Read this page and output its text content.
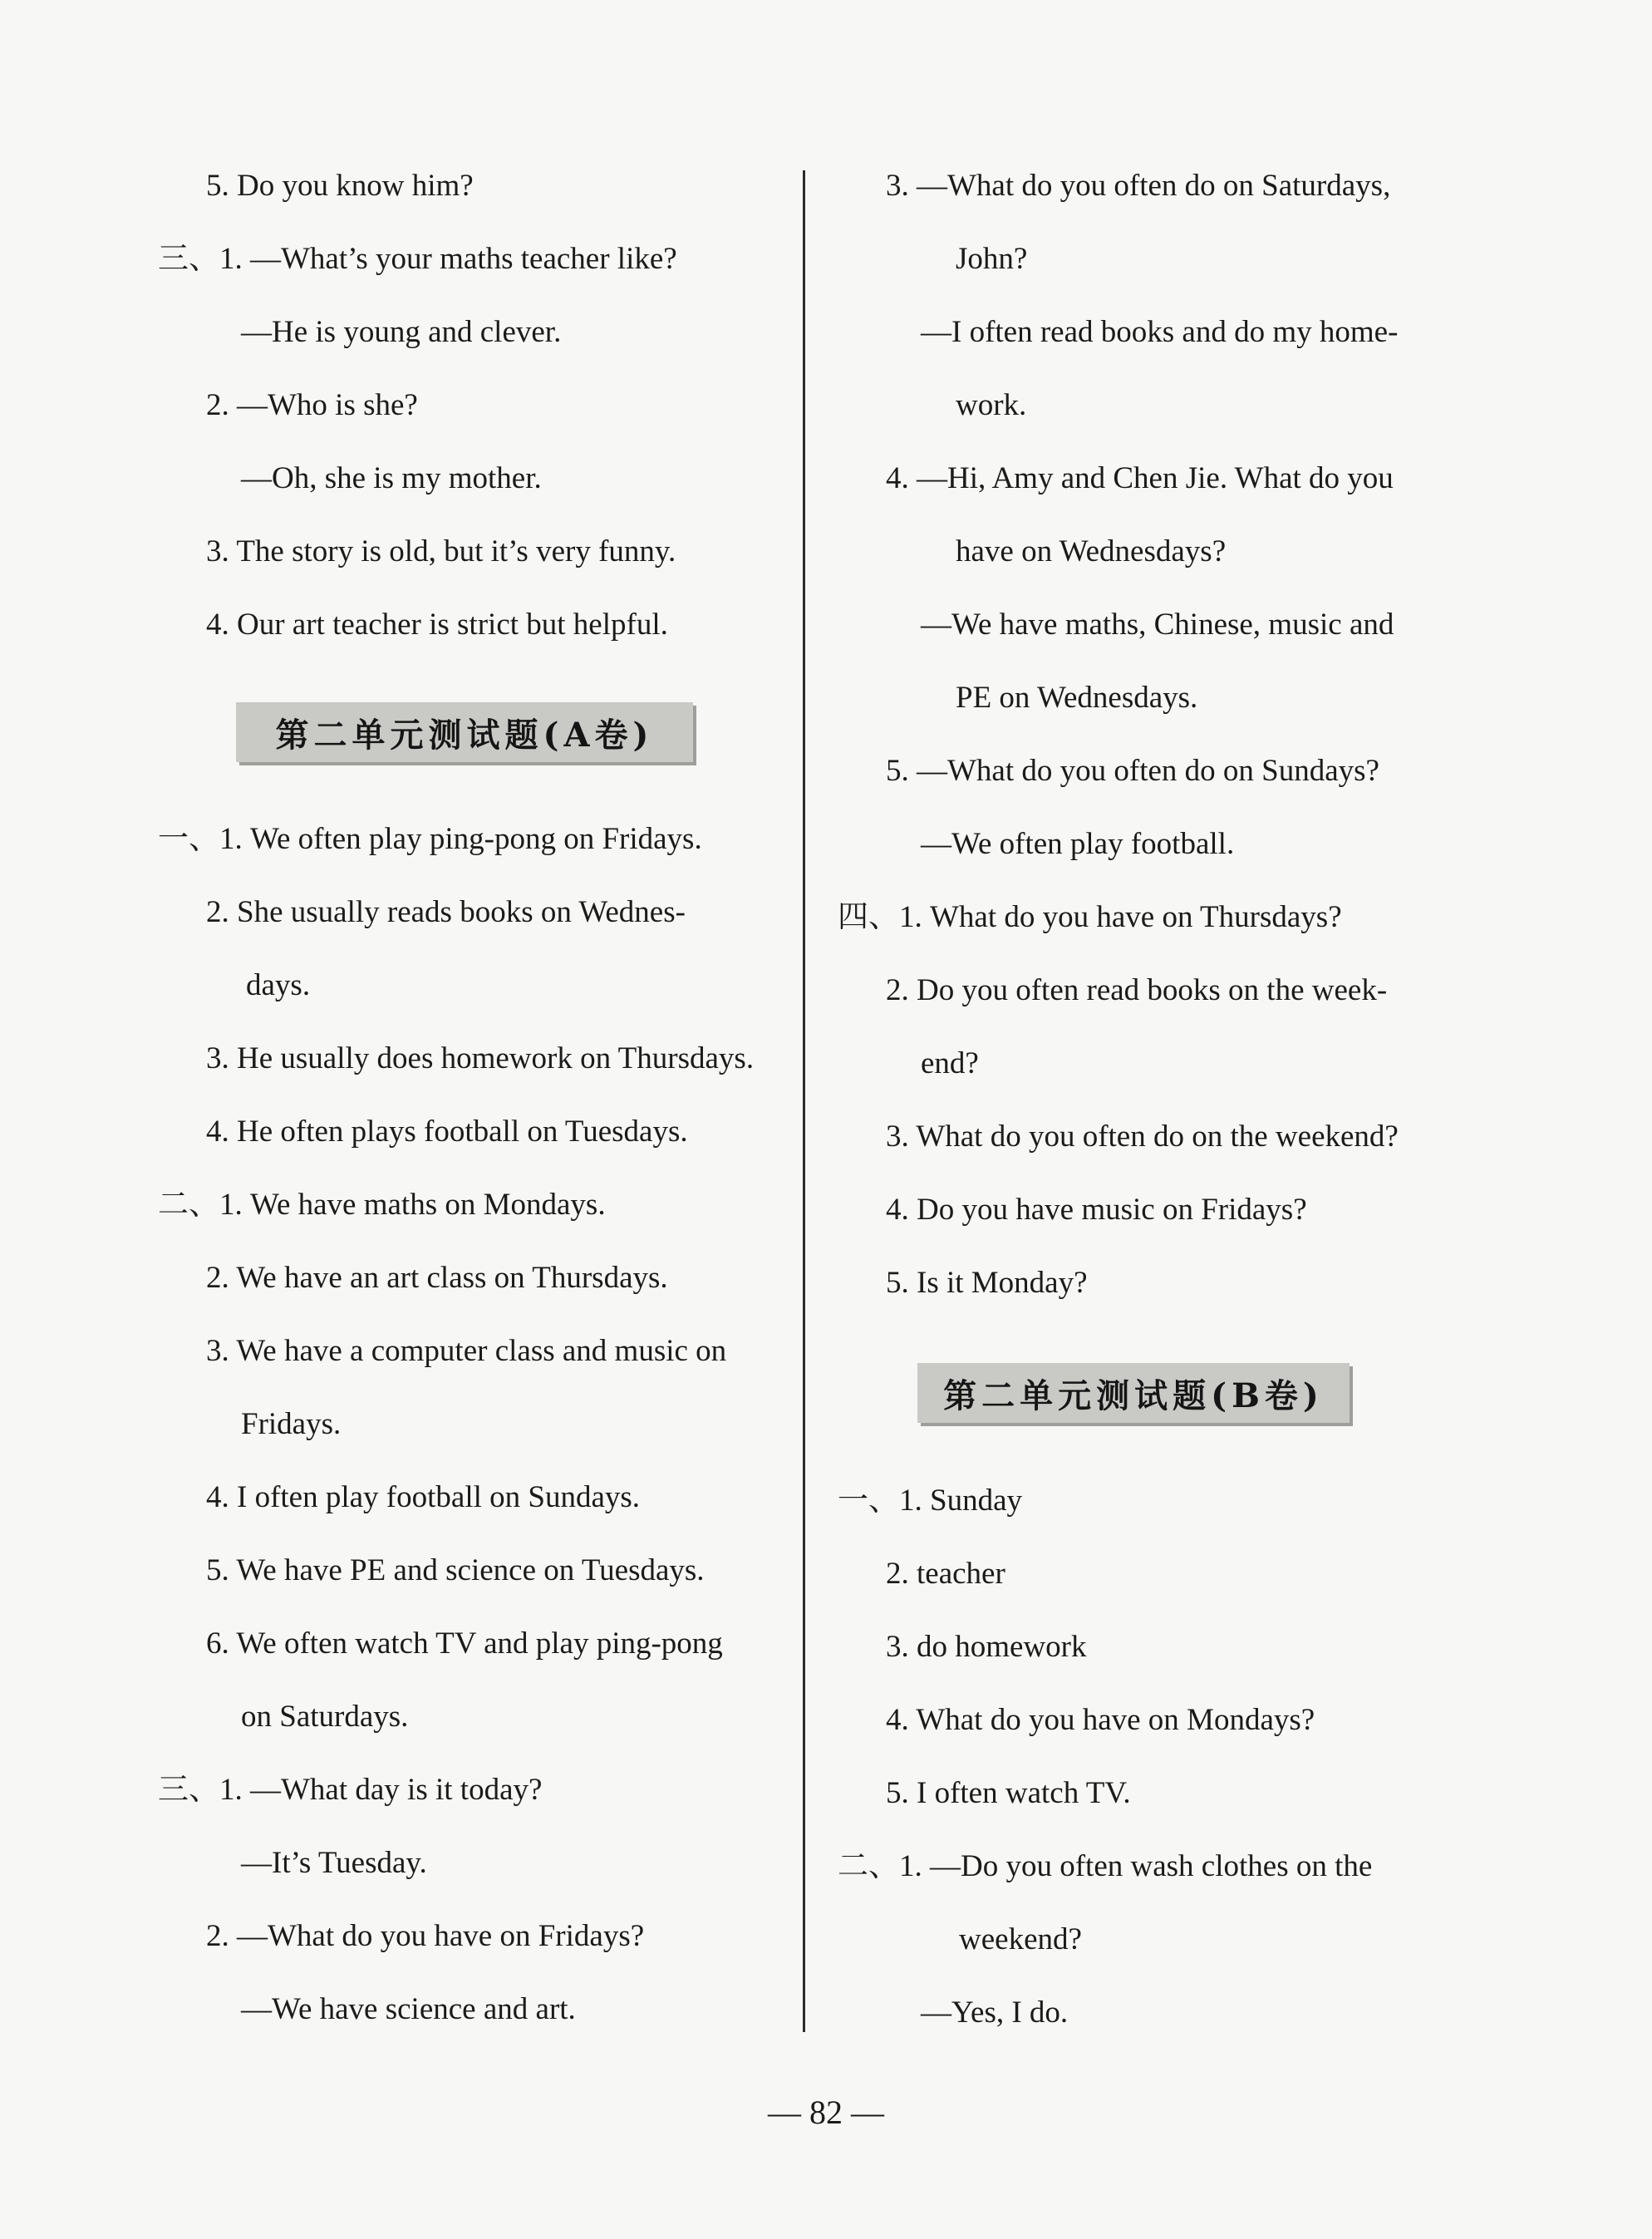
5. Do you know him?
三、1. —What’s your maths teacher like?
—He is young and clever.
2. —Who is she?
—Oh, she is my mother.
3. The story is old, but it’s very funny.
4. Our art teacher is strict but helpful.
第二单元测试题(A卷)
一、1. We often play ping-pong on Fridays.
2. She usually reads books on Wednes-
days.
3. He usually does homework on Thursdays.
4. He often plays football on Tuesdays.
二、1. We have maths on Mondays.
2. We have an art class on Thursdays.
3. We have a computer class and music on
Fridays.
4. I often play football on Sundays.
5. We have PE and science on Tuesdays.
6. We often watch TV and play ping-pong
on Saturdays.
三、1. —What day is it today?
—It’s Tuesday.
2. —What do you have on Fridays?
—We have science and art.
3. —What do you often do on Saturdays,
John?
—I often read books and do my home-
work.
4. —Hi, Amy and Chen Jie. What do you
have on Wednesdays?
—We have maths, Chinese, music and
PE on Wednesdays.
5. —What do you often do on Sundays?
—We often play football.
四、1. What do you have on Thursdays?
2. Do you often read books on the week-
end?
3. What do you often do on the weekend?
4. Do you have music on Fridays?
5. Is it Monday?
第二单元测试题(B卷)
一、1. Sunday
2. teacher
3. do homework
4. What do you have on Mondays?
5. I often watch TV.
二、1. —Do you often wash clothes on the
weekend?
—Yes, I do.
— 82 —
